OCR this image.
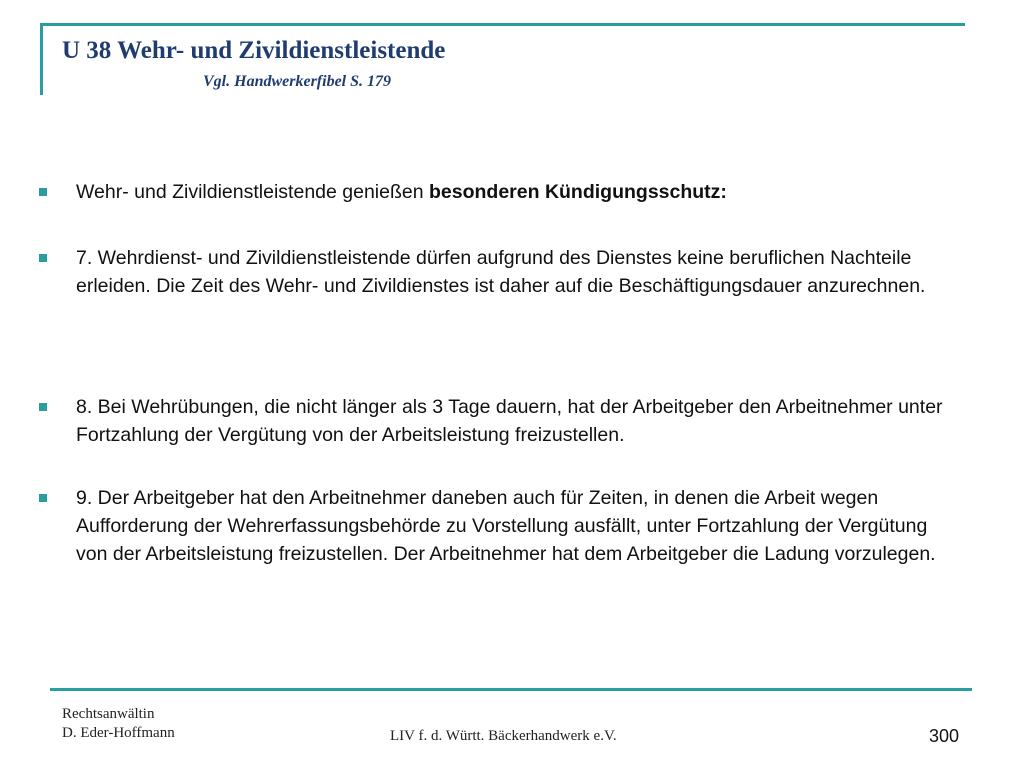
U 38 Wehr- und Zivildienstleistende
Vgl. Handwerkerfibel S. 179
Wehr- und Zivildienstleistende genießen besonderen Kündigungsschutz:
7. Wehrdienst- und Zivildienstleistende dürfen aufgrund des Dienstes keine beruflichen Nachteile erleiden. Die Zeit des Wehr- und Zivildienstes ist daher auf die Beschäftigungsdauer anzurechnen.
8. Bei Wehrübungen, die nicht länger als 3 Tage dauern, hat der Arbeitgeber den Arbeitnehmer unter Fortzahlung der Vergütung von der Arbeitsleistung freizustellen.
9. Der Arbeitgeber hat den Arbeitnehmer daneben auch für Zeiten, in denen die Arbeit wegen Aufforderung der Wehrerfassungsbehörde zu Vorstellung ausfällt, unter Fortzahlung der Vergütung von der Arbeitsleistung freizustellen. Der Arbeitnehmer hat dem Arbeitgeber die Ladung vorzulegen.
Rechtsanwältin
D. Eder-Hoffmann	LIV f. d. Württ. Bäckerhandwerk e.V.	300
